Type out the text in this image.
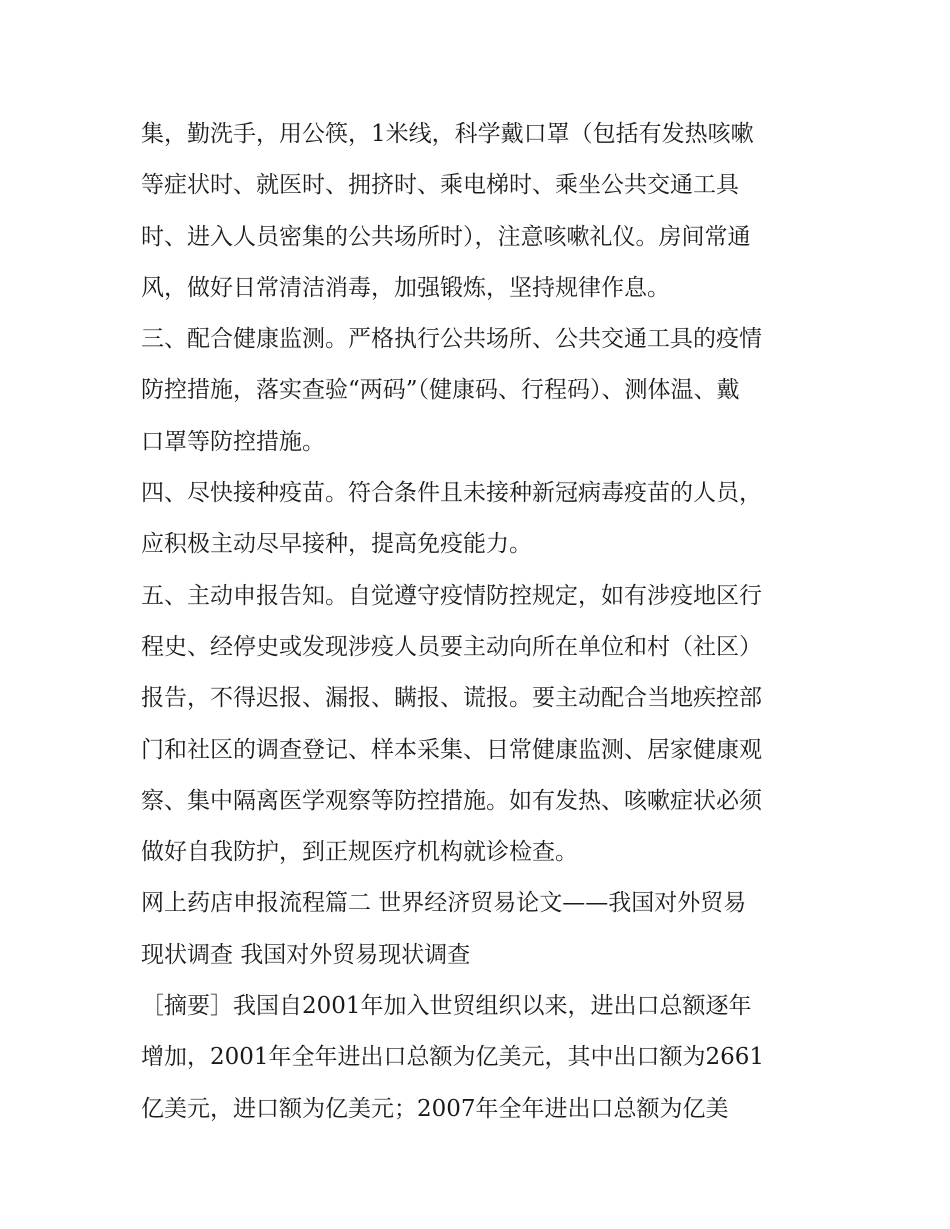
集，勤洗手，用公筷，1米线，科学戴口罩（包括有发热咳嗽
等症状时、就医时、拥挤时、乘电梯时、乘坐公共交通工具
时、进入人员密集的公共场所时），注意咳嗽礼仪。房间常通
风，做好日常清洁消毒，加强锻炼，坚持规律作息。
三、配合健康监测。严格执行公共场所、公共交通工具的疫情
防控措施，落实查验“两码”（健康码、行程码）、测体温、戴
口罩等防控措施。
四、尽快接种疫苗。符合条件且未接种新冠病毒疫苗的人员，
应积极主动尽早接种，提高免疫能力。
五、主动申报告知。自觉遵守疫情防控规定，如有涉疫地区行
程史、经停史或发现涉疫人员要主动向所在单位和村（社区）
报告，不得迟报、漏报、瞒报、谎报。要主动配合当地疾控部
门和社区的调查登记、样本采集、日常健康监测、居家健康观
察、集中隔离医学观察等防控措施。如有发热、咳嗽症状必须
做好自我防护，到正规医疗机构就诊检查。
网上药店申报流程篇二 世界经济贸易论文——我国对外贸易
现状调查 我国对外贸易现状调查
［摘要］我国自2001年加入世贸组织以来，进出口总额逐年
增加，2001年全年进出口总额为亿美元，其中出口额为2661
亿美元，进口额为亿美元；2007年全年进出口总额为亿美
